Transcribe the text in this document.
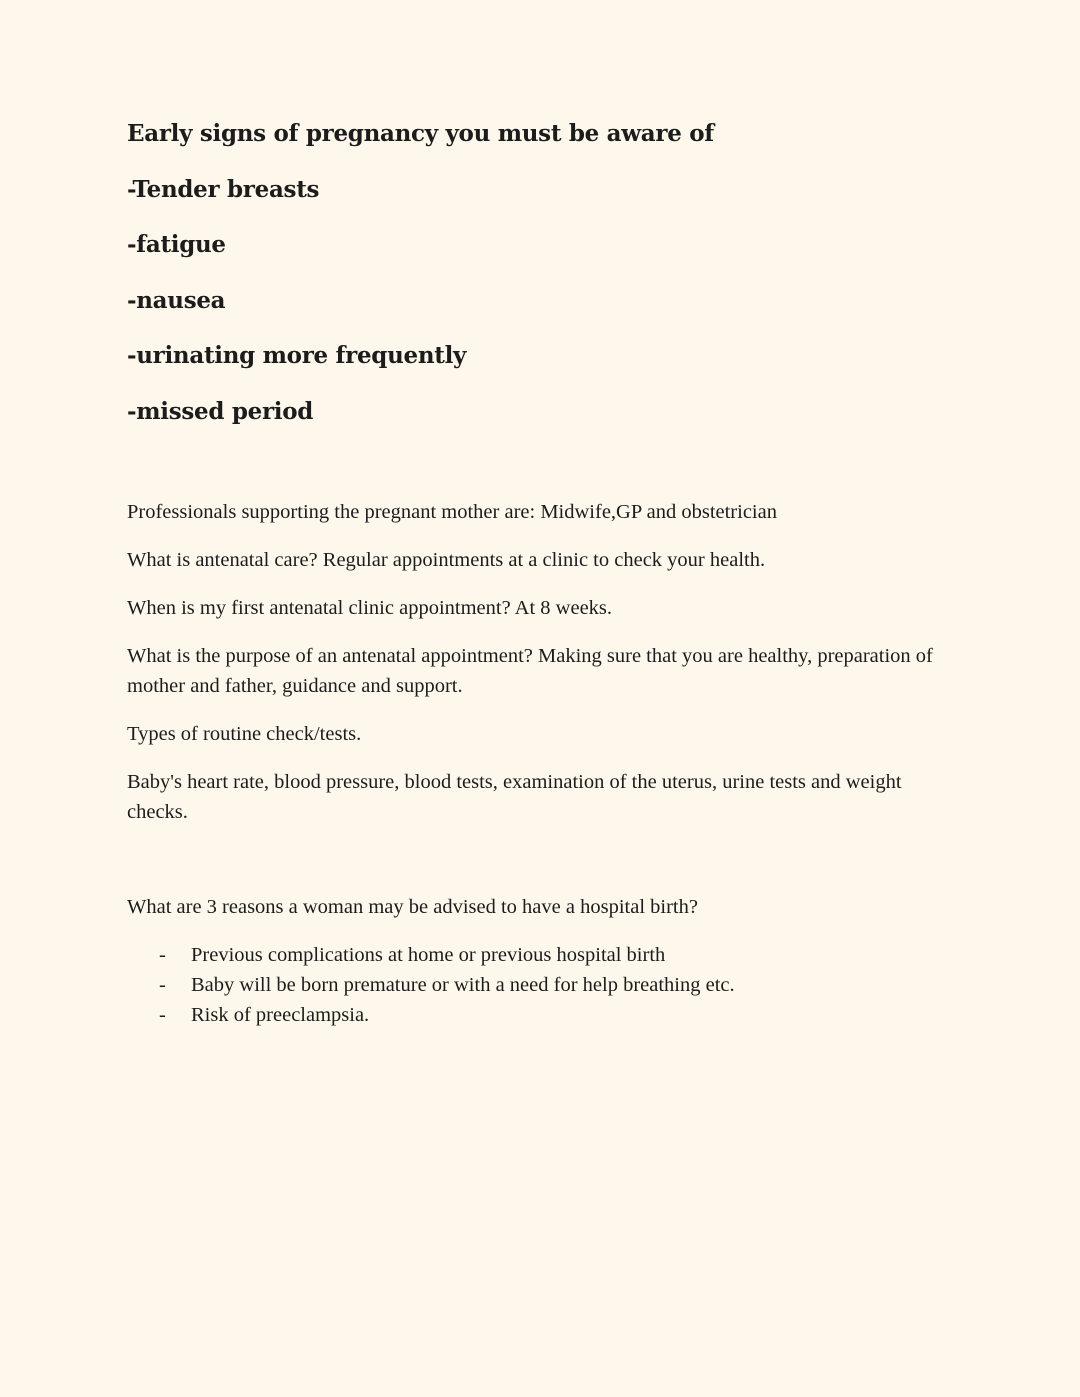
Early signs of pregnancy you must be aware of
-Tender breasts
-fatigue
-nausea
-urinating more frequently
-missed period

Professionals supporting the pregnant mother are: Midwife,GP and obstetrician

What is antenatal care? Regular appointments at a clinic to check your health.

When is my first antenatal clinic appointment? At 8 weeks.

What is the purpose of an antenatal appointment? Making sure that you are healthy, preparation of mother and father, guidance and support.

Types of routine check/tests.

Baby's heart rate, blood pressure, blood tests, examination of the uterus, urine tests and weight checks.

What are 3 reasons a woman may be advised to have a hospital birth?

- Previous complications at home or previous hospital birth
- Baby will be born premature or with a need for help breathing etc.
- Risk of preeclampsia.
